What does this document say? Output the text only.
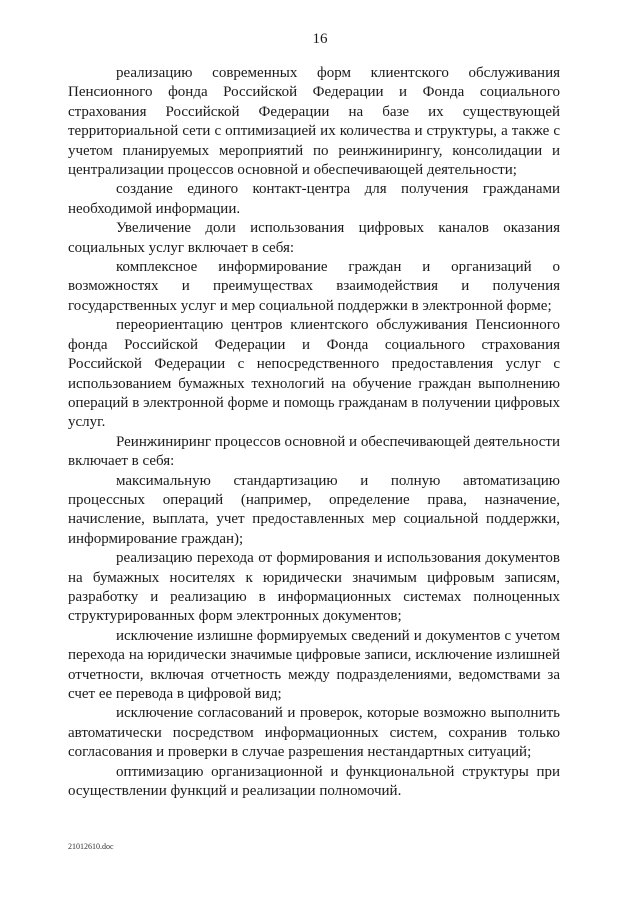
16

реализацию современных форм клиентского обслуживания Пенсионного фонда Российской Федерации и Фонда социального страхования Российской Федерации на базе их существующей территориальной сети с оптимизацией их количества и структуры, а также с учетом планируемых мероприятий по реинжинирингу, консолидации и централизации процессов основной и обеспечивающей деятельности;

создание единого контакт-центра для получения гражданами необходимой информации.

Увеличение доли использования цифровых каналов оказания социальных услуг включает в себя:

комплексное информирование граждан и организаций о возможностях и преимуществах взаимодействия и получения государственных услуг и мер социальной поддержки в электронной форме;

переориентацию центров клиентского обслуживания Пенсионного фонда Российской Федерации и Фонда социального страхования Российской Федерации с непосредственного предоставления услуг с использованием бумажных технологий на обучение граждан выполнению операций в электронной форме и помощь гражданам в получении цифровых услуг.

Реинжиниринг процессов основной и обеспечивающей деятельности включает в себя:

максимальную стандартизацию и полную автоматизацию процессных операций (например, определение права, назначение, начисление, выплата, учет предоставленных мер социальной поддержки, информирование граждан);

реализацию перехода от формирования и использования документов на бумажных носителях к юридически значимым цифровым записям, разработку и реализацию в информационных системах полноценных структурированных форм электронных документов;

исключение излишне формируемых сведений и документов с учетом перехода на юридически значимые цифровые записи, исключение излишней отчетности, включая отчетность между подразделениями, ведомствами за счет ее перевода в цифровой вид;

исключение согласований и проверок, которые возможно выполнить автоматически посредством информационных систем, сохранив только согласования и проверки в случае разрешения нестандартных ситуаций;

оптимизацию организационной и функциональной структуры при осуществлении функций и реализации полномочий.

21012610.doc
